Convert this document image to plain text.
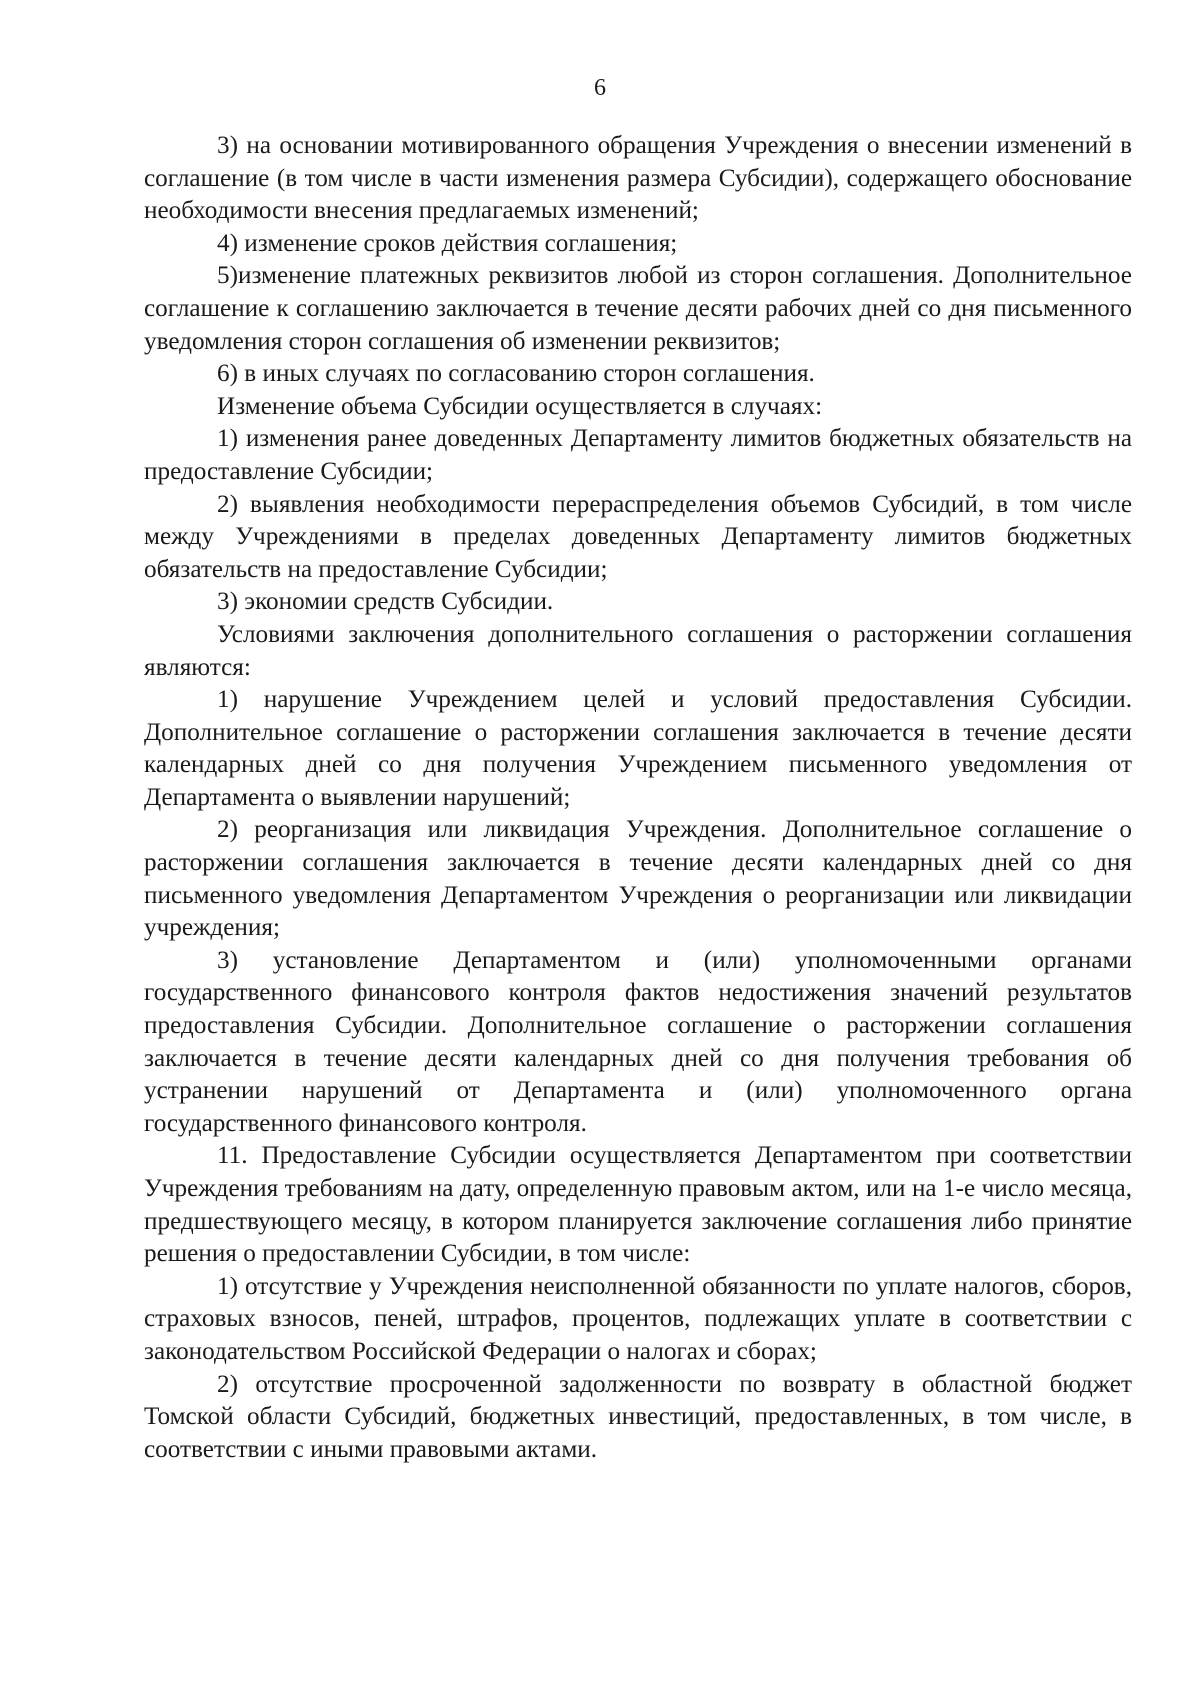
6

3) на основании мотивированного обращения Учреждения о внесении изменений в соглашение (в том числе в части изменения размера Субсидии), содержащего обоснование необходимости внесения предлагаемых изменений;

4) изменение сроков действия соглашения;

5)изменение платежных реквизитов любой из сторон соглашения. Дополнительное соглашение к соглашению заключается в течение десяти рабочих дней со дня письменного уведомления сторон соглашения об изменении реквизитов;

6) в иных случаях по согласованию сторон соглашения.

Изменение объема Субсидии осуществляется в случаях:

1) изменения ранее доведенных Департаменту лимитов бюджетных обязательств на предоставление Субсидии;

2) выявления необходимости перераспределения объемов Субсидий, в том числе между Учреждениями в пределах доведенных Департаменту лимитов бюджетных обязательств на предоставление Субсидии;

3) экономии средств Субсидии.

Условиями заключения дополнительного соглашения о расторжении соглашения являются:

1) нарушение Учреждением целей и условий предоставления Субсидии. Дополнительное соглашение о расторжении соглашения заключается в течение десяти календарных дней со дня получения Учреждением письменного уведомления от Департамента о выявлении нарушений;

2) реорганизация или ликвидация Учреждения. Дополнительное соглашение о расторжении соглашения заключается в течение десяти календарных дней со дня письменного уведомления Департаментом Учреждения о реорганизации или ликвидации учреждения;

3) установление Департаментом и (или) уполномоченными органами государственного финансового контроля фактов недостижения значений результатов предоставления Субсидии. Дополнительное соглашение о расторжении соглашения заключается в течение десяти календарных дней со дня получения требования об устранении нарушений от Департамента и (или) уполномоченного органа государственного финансового контроля.

11. Предоставление Субсидии осуществляется Департаментом при соответствии Учреждения требованиям на дату, определенную правовым актом, или на 1-е число месяца, предшествующего месяцу, в котором планируется заключение соглашения либо принятие решения о предоставлении Субсидии, в том числе:

1) отсутствие у Учреждения неисполненной обязанности по уплате налогов, сборов, страховых взносов, пеней, штрафов, процентов, подлежащих уплате в соответствии с законодательством Российской Федерации о налогах и сборах;

2) отсутствие просроченной задолженности по возврату в областной бюджет Томской области Субсидий, бюджетных инвестиций, предоставленных, в том числе, в соответствии с иными правовыми актами.
